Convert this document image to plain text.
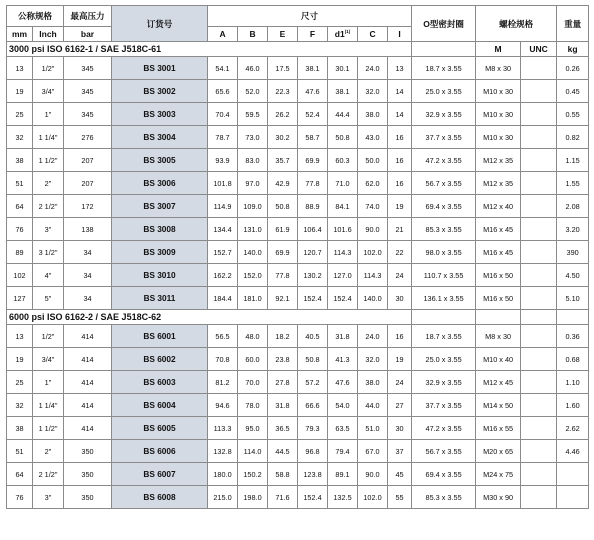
公称规格		最高压力	订货号	尺寸							O型密封圈	螺栓规格		重量
mm	Inch	bar		A	B	E	F	d1$^{(1)}$	C	I				
3000 psi ISO 6162-1 / SAE J518C-61												M	UNC	kg
13	1/2"	345	BS 3001	54.1	46.0	17.5	38.1	30.1	24.0	13	18.7 x 3.55	M8 x 30		0.26
19	3/4"	345	BS 3002	65.6	52.0	22.3	47.6	38.1	32.0	14	25.0 x 3.55	M10 x 30		0.45
25	1"	345	BS 3003	70.4	59.5	26.2	52.4	44.4	38.0	14	32.9 x 3.55	M10 x 30		0.55
32	1 1/4"	276	BS 3004	78.7	73.0	30.2	58.7	50.8	43.0	16	37.7 x 3.55	M10 x 30		0.82
38	1 1/2"	207	BS 3005	93.9	83.0	35.7	69.9	60.3	50.0	16	47.2 x 3.55	M12 x 35		1.15
51	2"	207	BS 3006	101.8	97.0	42.9	77.8	71.0	62.0	16	56.7 x 3.55	M12 x 35		1.55
64	2 1/2"	172	BS 3007	114.9	109.0	50.8	88.9	84.1	74.0	19	69.4 x 3.55	M12 x 40		2.08
76	3"	138	BS 3008	134.4	131.0	61.9	106.4	101.6	90.0	21	85.3 x 3.55	M16 x 45		3.20
89	3 1/2"	34	BS 3009	152.7	140.0	69.9	120.7	114.3	102.0	22	98.0 x 3.55	M16 x 45		390
102	4"	34	BS 3010	162.2	152.0	77.8	130.2	127.0	114.3	24	110.7 x 3.55	M16 x 50		4.50
127	5"	34	BS 3011	184.4	181.0	92.1	152.4	152.4	140.0	30	136.1 x 3.55	M16 x 50		5.10
6000 psi ISO 6162-2 / SAE J518C-62														
13	1/2"	414	BS 6001	56.5	48.0	18.2	40.5	31.8	24.0	16	18.7 x 3.55	M8 x 30		0.36
19	3/4"	414	BS 6002	70.8	60.0	23.8	50.8	41.3	32.0	19	25.0 x 3.55	M10 x 40		0.68
25	1"	414	BS 6003	81.2	70.0	27.8	57.2	47.6	38.0	24	32.9 x 3.55	M12 x 45		1.10
32	1 1/4"	414	BS 6004	94.6	78.0	31.8	66.6	54.0	44.0	27	37.7 x 3.55	M14 x 50		1.60
38	1 1/2"	414	BS 6005	113.3	95.0	36.5	79.3	63.5	51.0	30	47.2 x 3.55	M16 x 55		2.62
51	2"	350	BS 6006	132.8	114.0	44.5	96.8	79.4	67.0	37	56.7 x 3.55	M20 x 65		4.46
64	2 1/2"	350	BS 6007	180.0	150.2	58.8	123.8	89.1	90.0	45	69.4 x 3.55	M24 x 75		
76	3"	350	BS 6008	215.0	198.0	71.6	152.4	132.5	102.0	55	85.3 x 3.55	M30 x 90		
